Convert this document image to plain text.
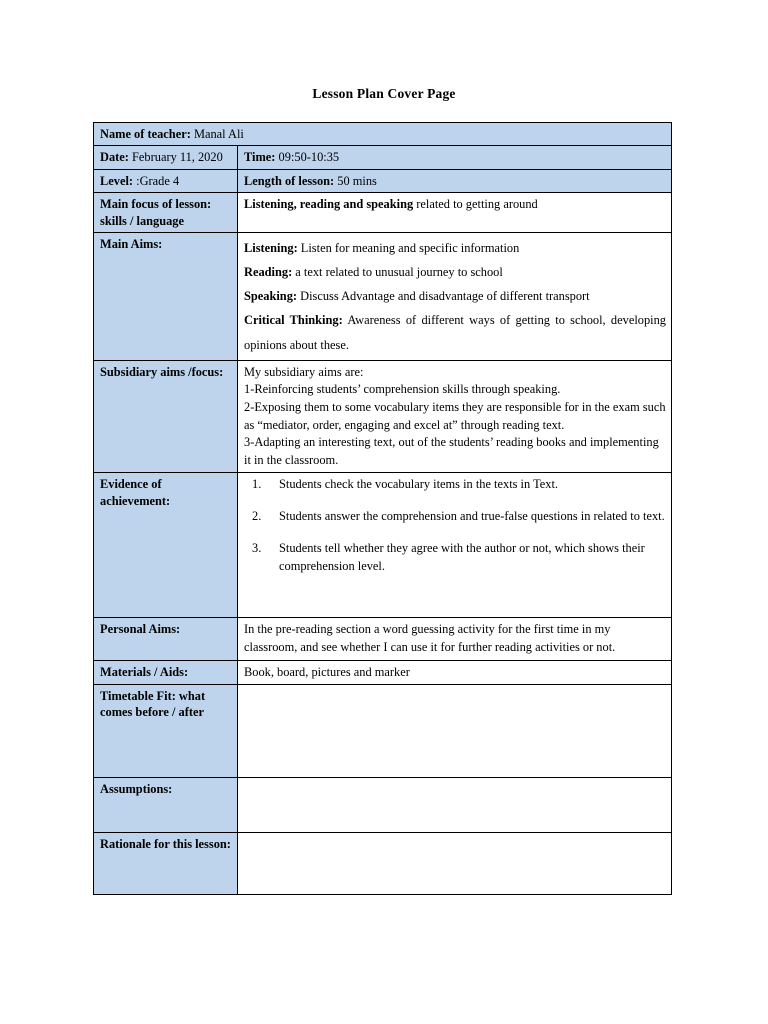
Lesson Plan Cover Page
Name of teacher: Manal Ali	
Date: February 11, 2020	Time: 09:50-10:35
Level: :Grade 4	Length of lesson: 50 mins
Main focus of lesson: skills / language	Listening, reading and speaking related to getting around
Main Aims:	Listening: Listen for meaning and specific information

Reading: a text related to unusual journey to school

Speaking: Discuss Advantage and disadvantage of different transport

Critical Thinking: Awareness of different ways of getting to school, developing opinions about these.

Subsidiary aims /focus:	My subsidiary aims are:

1-Reinforcing students’ comprehension skills through speaking.

2-Exposing them to some vocabulary items they are responsible for in the exam such as “mediator, order, engaging and excel at” through reading text.

3-Adapting an interesting text, out of the students’ reading books and implementing it in the classroom.

Evidence of achievement:	
1. Students check the vocabulary items in the texts in Text.
2. Students answer the comprehension and true-false questions in related to text.
3. Students tell whether they agree with the author or not, which shows their comprehension level.

Personal Aims:	In the pre-reading section a word guessing activity for the first time in my classroom, and see whether I can use it for further reading activities or not.

Materials / Aids:	Book, board, pictures and marker
Timetable Fit: what comes before / after	
Assumptions:	
Rationale for this lesson:	
